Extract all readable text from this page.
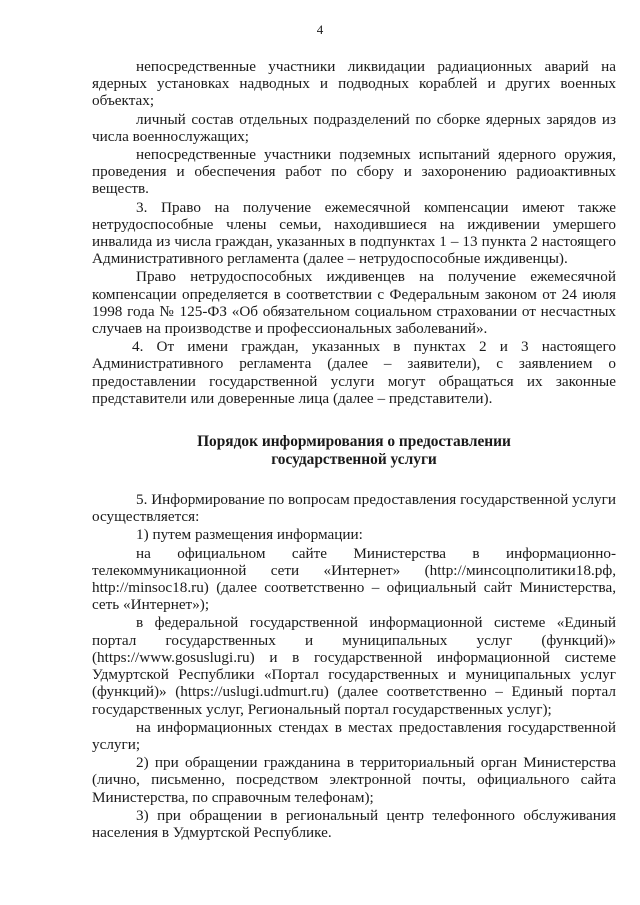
4

непосредственные участники ликвидации радиационных аварий на ядерных установках надводных и подводных кораблей и других военных объектах;

личный состав отдельных подразделений по сборке ядерных зарядов из числа военнослужащих;

непосредственные участники подземных испытаний ядерного оружия, проведения и обеспечения работ по сбору и захоронению радиоактивных веществ.

3. Право на получение ежемесячной компенсации имеют также нетрудоспособные члены семьи, находившиеся на иждивении умершего инвалида из числа граждан, указанных в подпунктах 1 – 13 пункта 2 настоящего Административного регламента (далее – нетрудоспособные иждивенцы).

Право нетрудоспособных иждивенцев на получение ежемесячной компенсации определяется в соответствии с Федеральным законом от 24 июля 1998 года № 125-ФЗ «Об обязательном социальном страховании от несчастных случаев на производстве и профессиональных заболеваний».

4. От имени граждан, указанных в пунктах 2 и 3 настоящего Административного регламента (далее – заявители), с заявлением о предоставлении государственной услуги могут обращаться их законные представители или доверенные лица (далее – представители).

Порядок информирования о предоставлении
государственной услуги

5. Информирование по вопросам предоставления государственной услуги осуществляется:

1) путем размещения информации:

на официальном сайте Министерства в информационно-телекоммуникационной сети «Интернет» (http://минсоцполитики18.рф, http://minsoc18.ru) (далее соответственно – официальный сайт Министерства, сеть «Интернет»);

в федеральной государственной информационной системе «Единый портал государственных и муниципальных услуг (функций)» (https://www.gosuslugi.ru) и в государственной информационной системе Удмуртской Республики «Портал государственных и муниципальных услуг (функций)» (https://uslugi.udmurt.ru) (далее соответственно – Единый портал государственных услуг, Региональный портал государственных услуг);

на информационных стендах в местах предоставления государственной услуги;

2) при обращении гражданина в территориальный орган Министерства (лично, письменно, посредством электронной почты, официального сайта Министерства, по справочным телефонам);

3) при обращении в региональный центр телефонного обслуживания населения в Удмуртской Республике.
